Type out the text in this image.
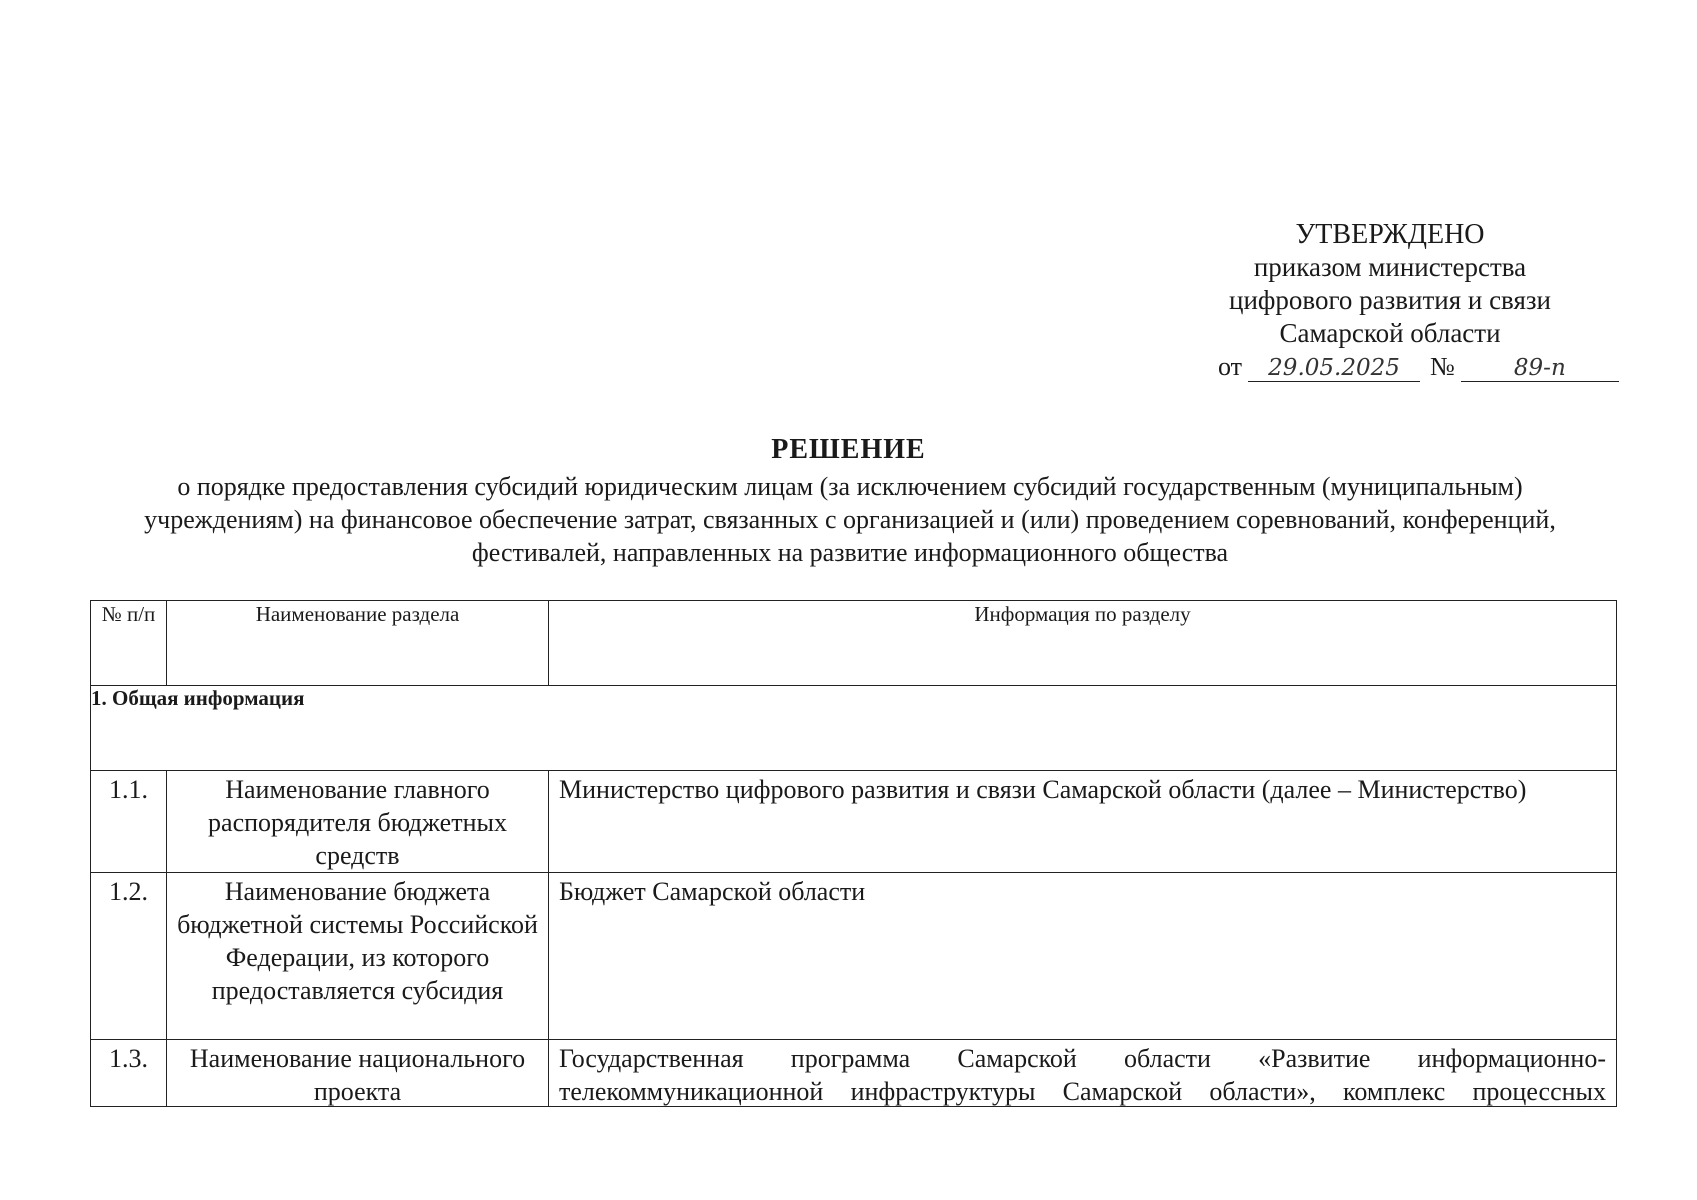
УТВЕРЖДЕНО
приказом министерства
цифрового развития и связи
Самарской области
от 29.05.2025 №	89-п
РЕШЕНИЕ
о порядке предоставления субсидий юридическим лицам (за исключением субсидий государственным (муниципальным) учреждениям) на финансовое обеспечение затрат, связанных с организацией и (или) проведением соревнований, конференций, фестивалей, направленных на развитие информационного общества
№ п/п	Наименование раздела	Информация по разделу
1. Общая информация		
1.1.	Наименование главного распорядителя бюджетных средств	Министерство цифрового развития и связи Самарской области (далее – Министерство)
1.2.	Наименование бюджета бюджетной системы Российской Федерации, из которого предоставляется субсидия	Бюджет Самарской области
1.3.	Наименование национального проекта	Государственная программа Самарской области «Развитие информационно-телекоммуникационной инфраструктуры Самарской области», комплекс процессных
